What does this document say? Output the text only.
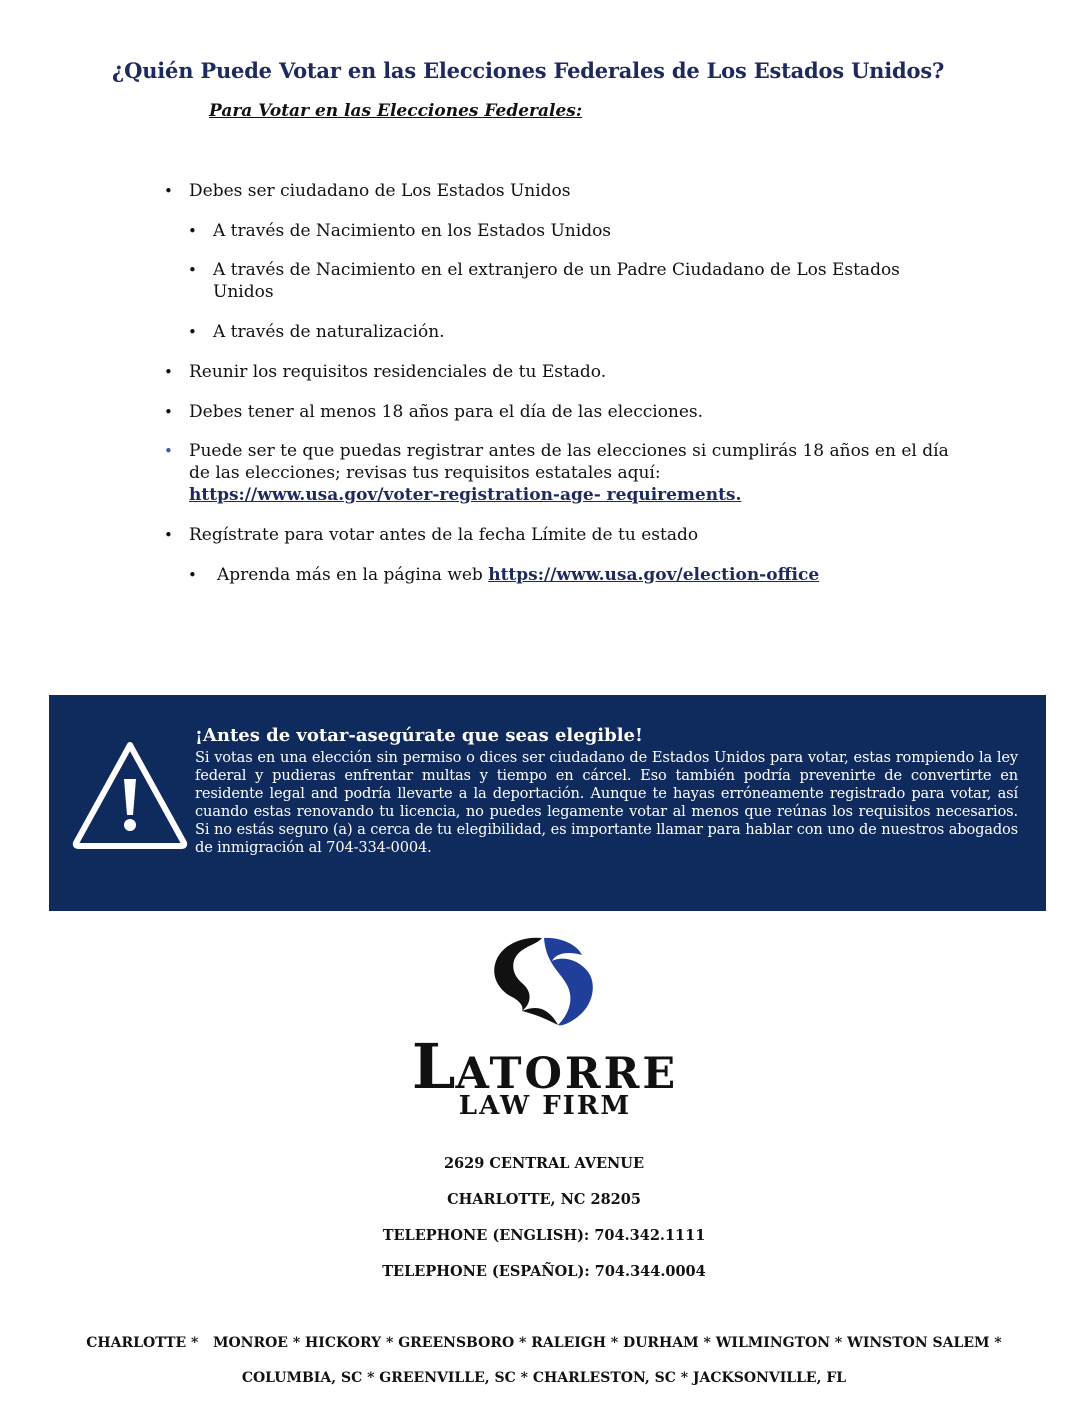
¿Quién Puede Votar en las Elecciones Federales de Los Estados Unidos?

Para Votar en las Elecciones Federales:

• Debes ser ciudadano de Los Estados Unidos
• A través de Nacimiento en los Estados Unidos
• A través de Nacimiento en el extranjero de un Padre Ciudadano de Los Estados Unidos
• A través de naturalización.
• Reunir los requisitos residenciales de tu Estado.
• Debes tener al menos 18 años para el día de las elecciones.
• Puede ser te que puedas registrar antes de las elecciones si cumplirás 18 años en el día de las elecciones; revisas tus requisitos estatales aquí:
https://www.usa.gov/voter-registration-age- requirements.
• Regístrate para votar antes de la fecha Límite de tu estado
• Aprenda más en la página web https://www.usa.gov/election-office

¡Antes de votar-asegúrate que seas elegible!

Si votas en una elección sin permiso o dices ser ciudadano de Estados Unidos para votar, estas rompiendo la ley federal y pudieras enfrentar multas y tiempo en cárcel. Eso también podría prevenirte de convertirte en residente legal and podría llevarte a la deportación. Aunque te hayas erróneamente registrado para votar, así cuando estas renovando tu licencia, no puedes legamente votar al menos que reúnas los requisitos necesarios. Si no estás seguro (a) a cerca de tu elegibilidad, es importante llamar para hablar con uno de nuestros abogados de inmigración al 704-334-0004.

LATORRE
LAW FIRM
2629 CENTRAL AVENUE
CHARLOTTE, NC 28205
TELEPHONE (ENGLISH): 704.342.1111
TELEPHONE (ESPAÑOL): 704.344.0004
CHARLOTTE *   MONROE * HICKORY * GREENSBORO * RALEIGH * DURHAM * WILMINGTON * WINSTON SALEM *
COLUMBIA, SC * GREENVILLE, SC * CHARLESTON, SC * JACKSONVILLE, FL
